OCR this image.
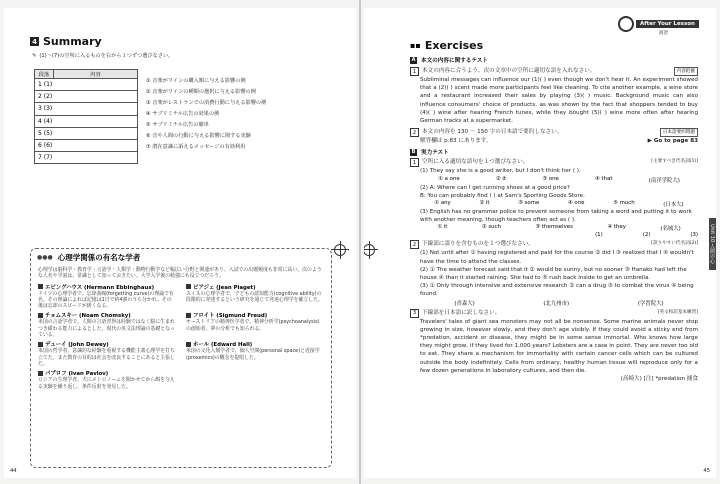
4 Summary
✎ (1)～(7)の空所に入るものを右から１つずつ選びなさい。
段落	内容
1 (1)
2 (2)
3 (3)
4 (4)
5 (5)
6 (6)
7 (7)
① 音楽がワインの購入額に与える影響の例
② 音楽がワインの種類の選択に与える影響の例
③ 音楽がレストランでの消費行動に与える影響の例
④ サブリミナル広告の効果の例
⑤ サブリミナル広告の簡単
⑥ 音や人間の行動に与える影響に関する実験
⑦ 潜在意識に訴えるメッセージの有効利用
●●● 心理学関係の有名な学者
心理学は脳科学・教育学・言語学・人類学・動物行動学など幅広い分野と関連があり、入試での出題頻度も非常に高い。次のような人名や学説は、常識として知っておきたい。大学入学後の勉強にも役立つだろう。
エビングハウス (Hermann Ebbinghaus)
ドイツの心理学者で、忘却曲線(forgetting curve)の理論で有名。その理論によれば記憶は1日で約4割のうち分かれ、その後は忘却のスピードが緩くなる。
ピアジェ (Jean Piaget)
スイスの心理学者で、子どもの認知能力(cognitive ability)の段階的に発達するという研究を通じて発達心理学を確立した。
チョムスキー (Noam Chomsky)
米国の言語学者で、人間の言語習得は経験ではなく脳に生まれつき備わる能力によるとした。現代の英文法理論の基礎となっている。
フロイト (Sigmund Freud)
オーストリアの精神医学者で、精神分析学(psychoanalysis)の創始者。夢の分析でも知られる。
デューイ (John Dewey)
米国の哲学者。意識的な経験を重視する機能主義心理学を打ち立てた。また教育の目的は社会を改良することにあると主張した。
ホール (Edward Hall)
米国の文化人類学者で、個人空間(personal space)と近接学(proxemics)の概念を提唱した。
パブロフ (Ivan Pavlov)
ロシアの生理学者。犬にメトロノームを聞かせてから餌を与える実験を繰り返し、条件反射を発見した。
44
After Your Lesson
演習
▪▪ Exercises
A 本文の内容に関するテスト
1	本文の内容に合うよう、次の文章中の空所に適切な語を入れなさい。	内容把握
Subliminal messages can influence our (1)( ) even though we don't hear it. An experiment showed that a (2)( ) scent made more participants feel like cleaning. To cite another example, a wine store and a restaurant increased their sales by playing (3)( ) music. Background music can also influence consumers' choice of products, as was shown by the fact that shoppers tended to buy (4)( ) wine after hearing French tunes, while they bought (5)( ) wine more often after hearing German tracks at a supermarket.
2	本文の内容を 130 〜 150 字の日本語で要約しなさい。	日本語要約問題
解答欄は p.83 にあります。	▶ Go to page 83
B 実力テスト
1	空所に入る適切な語句を１つ選びなさい。	[主要すべき代名詞(1)]
(1) They say she is a good writer, but I don't think her ( ).
① a one	② it	③ one	④ that	(南洋学院大)
(2) A: Where can I get running shoes at a good price?
B: You can probably find ( ) at Sam's Sporting Goods Store.
① any	② it	③ some	④ one	⑤ much	(日本大)
(3) English has no grammar police to prevent someone from taking a word and putting it to work with another meaning, though teachers often act as ( ).
① it	② such	③ themselves	④ they	(名城大)
(1)	(2)	(3)
2	下線部に誤りを含むものを１つ選びなさい。	[誤りやすい代名詞(2)]
(1) Not until after ① having registered and paid for the course ② did I ③ realized that I ④ wouldn't have the time to attend the classes.
(2) ① The weather forecast said that it ② would be sunny, but no sooner ③ Hanako had left the house ④ than it started raining. She had to ⑤ rush back inside to get an umbrella.
(3) ① Only through intensive and extensive research ② can a drug ③ to combat the virus ④ being found.
(青森大)	(北九州市)	(学習院大)
3	下線部を日本語に訳しなさい。	[英文和訳基本練習]
Travelers' tales of giant sea monsters may not all be nonsense. Some marine animals never stop growing in size, however slowly, and they don't age visibly. If they could avoid a sticky end from *predation, accident or disease, they might be in some sense immortal. Who knows how large they might grow, if they lived for 1,000 years? Lobsters are a case in point. They are never too old to eat. They share a mechanism for immortality with certain cancer cells which can be cultured outside the body indefinitely. Cells from ordinary, healthy human tissue will reproduce only for a few dozen generations in laboratory cultures, and then die.
(高崎大) [注] *predation 捕食
Unit 10 人間の心
45
